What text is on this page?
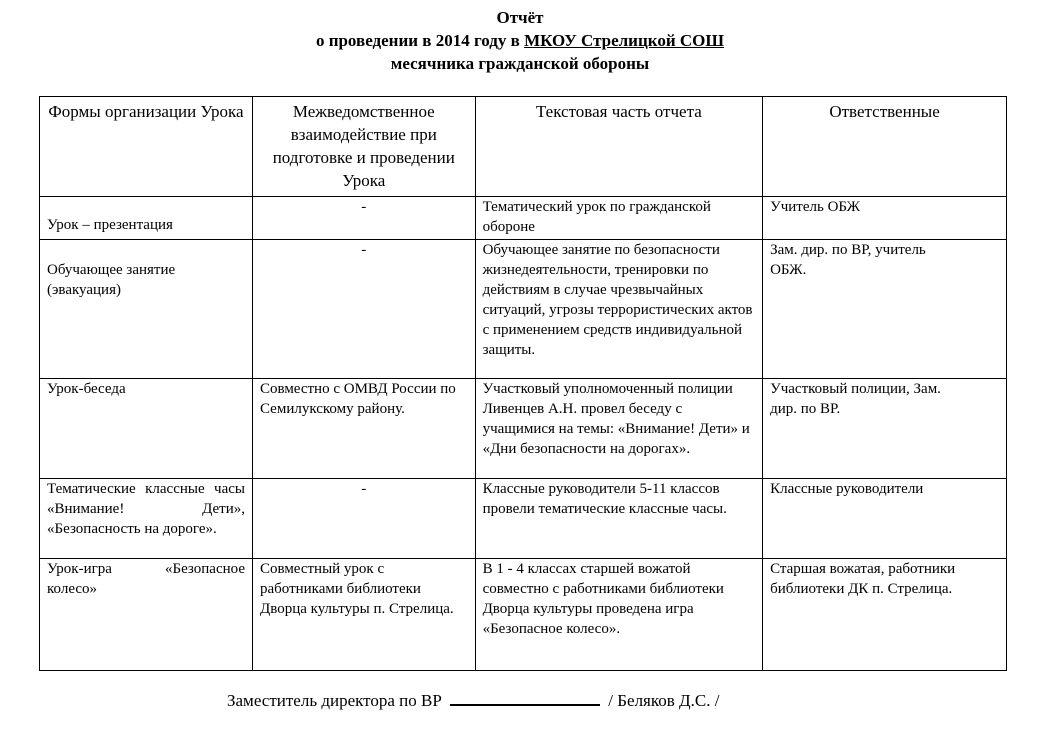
Отчёт
о проведении в 2014 году в МКОУ Стрелицкой СОШ
месячника гражданской обороны
Формы организации Урока	Межведомственное взаимодействие при подготовке и проведении Урока	Текстовая часть отчета	Ответственные
Урок – презентация	-	Тематический урок по гражданской обороне	Учитель ОБЖ
Обучающее занятие (эвакуация)	-	Обучающее занятие по безопасности жизнедеятельности, тренировки по действиям в случае чрезвычайных ситуаций, угрозы террористических актов с применением средств индивидуальной защиты.	Зам. дир. по ВР, учитель ОБЖ.
Урок-беседа	Совместно с ОМВД России по Семилукскому району.	Участковый уполномоченный полиции Ливенцев А.Н. провел беседу с учащимися на темы: «Внимание! Дети» и «Дни безопасности на дорогах».	Участковый полиции, Зам. дир. по ВР.
Тематические классные часы «Внимание! Дети», «Безопасность на дороге».	-	Классные руководители 5-11 классов провели тематические классные часы.	Классные руководители
Урок-игра «Безопасное колесо»	Совместный урок с работниками библиотеки Дворца культуры п. Стрелица.	В 1 - 4 классах старшей вожатой совместно с работниками библиотеки Дворца культуры проведена игра «Безопасное колесо».	Старшая вожатая, работники библиотеки ДК п. Стрелица.
Заместитель директора по ВР	/ Беляков Д.С. /
